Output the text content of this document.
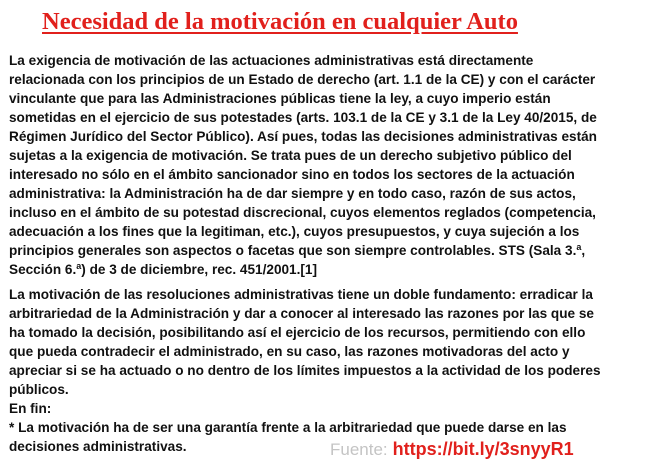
Necesidad de la motivación en cualquier Auto
La exigencia de motivación de las actuaciones administrativas está directamente
relacionada con los principios de un Estado de derecho (art. 1.1 de la CE) y con el carácter
vinculante que para las Administraciones públicas tiene la ley, a cuyo imperio están
sometidas en el ejercicio de sus potestades (arts. 103.1 de la CE y 3.1 de la Ley 40/2015, de
Régimen Jurídico del Sector Público). Así pues, todas las decisiones administrativas están
sujetas a la exigencia de motivación. Se trata pues de un derecho subjetivo público del
interesado no sólo en el ámbito sancionador sino en todos los sectores de la actuación
administrativa: la Administración ha de dar siempre y en todo caso, razón de sus actos,
incluso en el ámbito de su potestad discrecional, cuyos elementos reglados (competencia,
adecuación a los fines que la legitiman, etc.), cuyos presupuestos, y cuya sujeción a los
principios generales son aspectos o facetas que son siempre controlables. STS (Sala 3.$^a$,
Sección 6.$^a$) de 3 de diciembre, rec. 451/2001.[1]
La motivación de las resoluciones administrativas tiene un doble fundamento: erradicar la
arbitrariedad de la Administración y dar a conocer al interesado las razones por las que se
ha tomado la decisión, posibilitando así el ejercicio de los recursos, permitiendo con ello
que pueda contradecir el administrado, en su caso, las razones motivadoras del acto y
apreciar si se ha actuado o no dentro de los límites impuestos a la actividad de los poderes
públicos.
En fin:
* La motivación ha de ser una garantía frente a la arbitrariedad que puede darse en las
decisiones administrativas.	Fuente: https://bit.ly/3snyyR1
